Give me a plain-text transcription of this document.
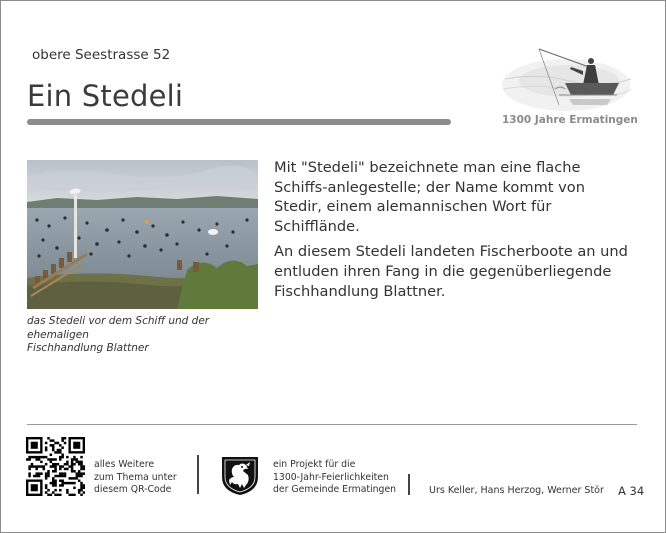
obere Seestrasse 52
Ein Stedeli
1300 Jahre Ermatingen
das Stedeli vor dem Schiff und der ehemaligen
Fischhandlung Blattner

Mit "Stedeli" bezeichnete man eine flache Schiffs-anlegestelle; der Name kommt von Stedir, einem alemannischen Wort für Schifflände.

An diesem Stedeli landeten Fischerboote an und entluden ihren Fang in die gegenüberliegende Fischhandlung Blattner.

alles Weitere
zum Thema unter
diesem QR-Code
ein Projekt für die
1300-Jahr-Feierlichkeiten
der Gemeinde Ermatingen	Urs Keller, Hans Herzog, Werner Stör A 34
